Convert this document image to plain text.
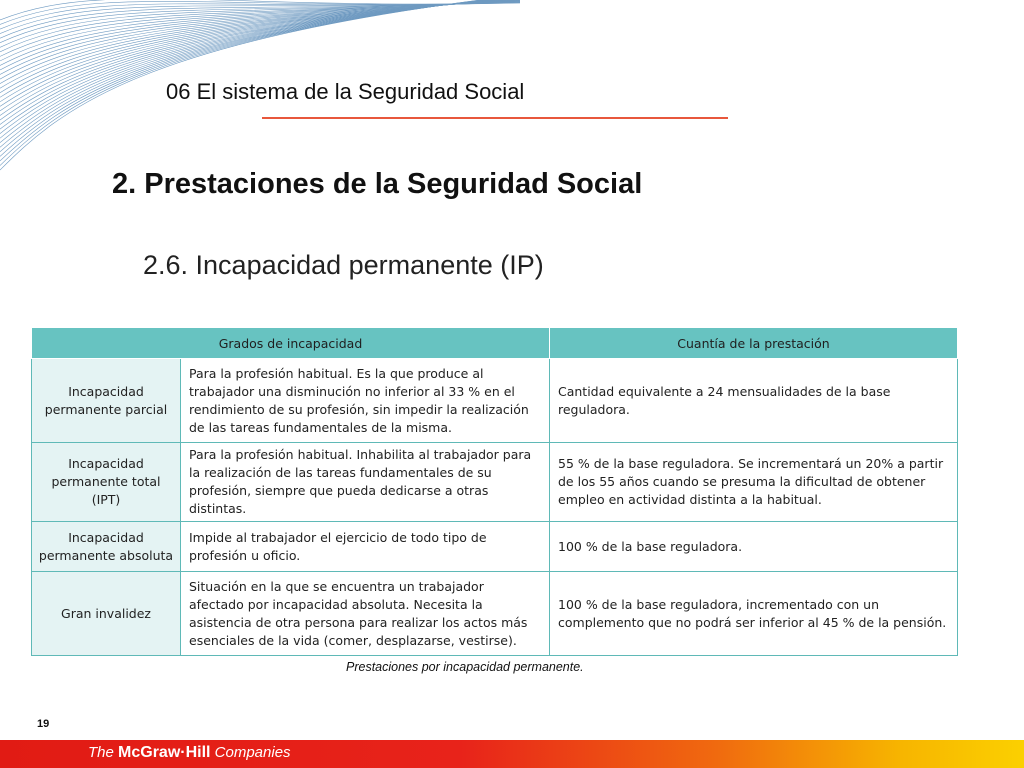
06 El sistema de la Seguridad Social
2. Prestaciones de la Seguridad Social
2.6. Incapacidad permanente (IP)
Grados de incapacidad		Cuantía de la prestación
Incapacidad permanente parcial	Para la profesión habitual. Es la que produce al trabajador una disminución no inferior al 33 % en el rendimiento de su profesión, sin impedir la realización de las tareas fundamentales de la misma.	Cantidad equivalente a 24 mensualidades de la base reguladora.
Incapacidad permanente total (IPT)	Para la profesión habitual. Inhabilita al trabajador para la realización de las tareas fundamentales de su profesión, siempre que pueda dedicarse a otras distintas.	55 % de la base reguladora. Se incrementará un 20% a partir de los 55 años cuando se presuma la dificultad de obtener empleo en actividad distinta a la habitual.
Incapacidad permanente absoluta	Impide al trabajador el ejercicio de todo tipo de profesión u oficio.	100 % de la base reguladora.
Gran invalidez	Situación en la que se encuentra un trabajador afectado por incapacidad absoluta. Necesita la asistencia de otra persona para realizar los actos más esenciales de la vida (comer, desplazarse, vestirse).	100 % de la base reguladora, incrementado con un complemento que no podrá ser inferior al 45 % de la pensión.
Prestaciones por incapacidad permanente.
19
The McGraw·Hill Companies
